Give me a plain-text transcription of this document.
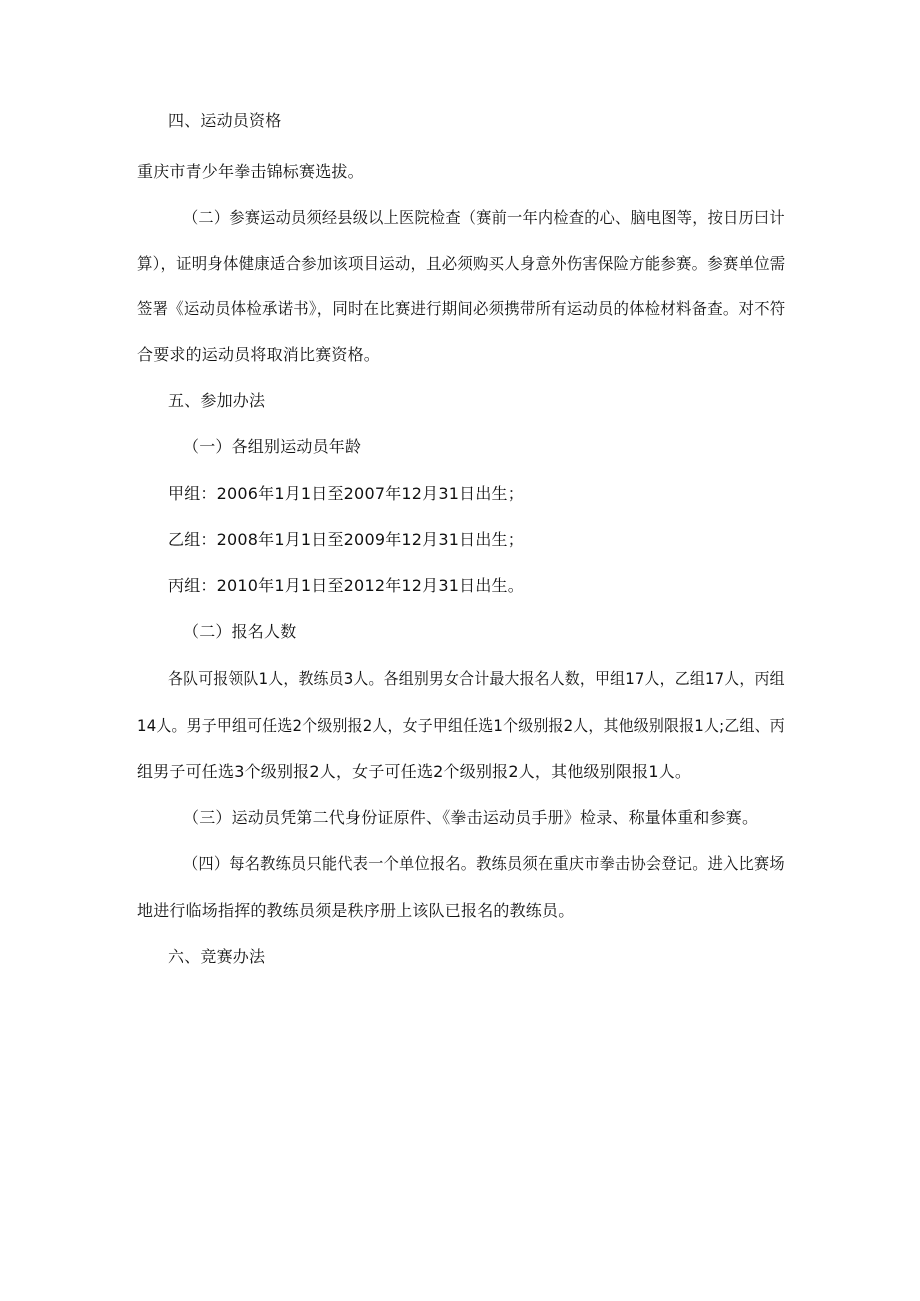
四、运动员资格
重庆市青少年拳击锦标赛选拔。
（二）参赛运动员须经县级以上医院检查（赛前一年内检查的心、脑电图等，按日历曰计
算），证明身体健康适合参加该项目运动，且必须购买人身意外伤害保险方能参赛。参赛单位需
签署《运动员体检承诺书》，同时在比赛进行期间必须携带所有运动员的体检材料备查。对不符
合要求的运动员将取消比赛资格。
五、参加办法
（一）各组别运动员年龄
甲组：2006年1月1日至2007年12月31日出生；
乙组：2008年1月1日至2009年12月31日出生；
丙组：2010年1月1日至2012年12月31日出生。
（二）报名人数
各队可报领队1人，教练员3人。各组别男女合计最大报名人数，甲组17人，乙组17人，丙组
14人。男子甲组可任选2个级别报2人，女子甲组任选1个级别报2人，其他级别限报1人;乙组、丙
组男子可任选3个级别报2人，女子可任选2个级别报2人，其他级别限报1人。
（三）运动员凭第二代身份证原件、《拳击运动员手册》检录、称量体重和参赛。
（四）每名教练员只能代表一个单位报名。教练员须在重庆市拳击协会登记。进入比赛场
地进行临场指挥的教练员须是秩序册上该队已报名的教练员。
六、竞赛办法
